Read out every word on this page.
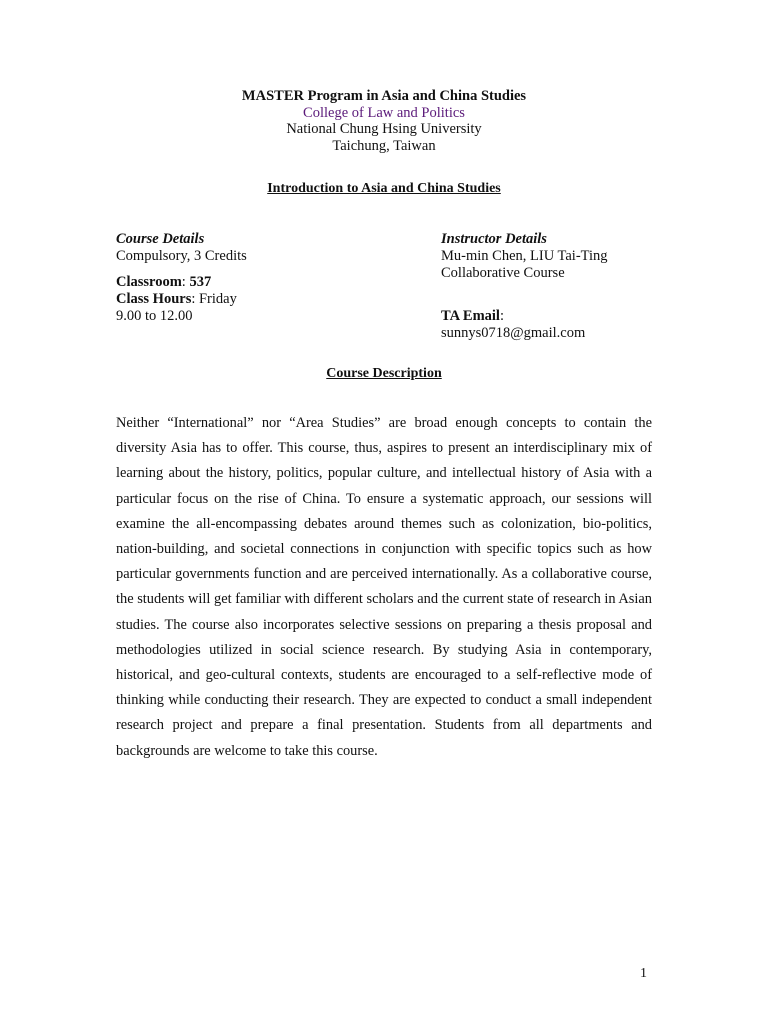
MASTER Program in Asia and China Studies
College of Law and Politics
National Chung Hsing University
Taichung, Taiwan
Introduction to Asia and China Studies
Course Details
Compulsory, 3 Credits
Classroom: 537
Class Hours: Friday
9.00 to 12.00
Instructor Details
Mu-min Chen, LIU Tai-Ting
Collaborative Course
TA Email:
sunnys0718@gmail.com
Course Description

Neither “International” nor “Area Studies” are broad enough concepts to contain the diversity Asia has to offer. This course, thus, aspires to present an interdisciplinary mix of learning about the history, politics, popular culture, and intellectual history of Asia with a particular focus on the rise of China. To ensure a systematic approach, our sessions will examine the all-encompassing debates around themes such as colonization, bio-politics, nation-building, and societal connections in conjunction with specific topics such as how particular governments function and are perceived internationally. As a collaborative course, the students will get familiar with different scholars and the current state of research in Asian studies. The course also incorporates selective sessions on preparing a thesis proposal and methodologies utilized in social science research. By studying Asia in contemporary, historical, and geo-cultural contexts, students are encouraged to a self-reflective mode of thinking while conducting their research. They are expected to conduct a small independent research project and prepare a final presentation. Students from all departments and backgrounds are welcome to take this course.

1
